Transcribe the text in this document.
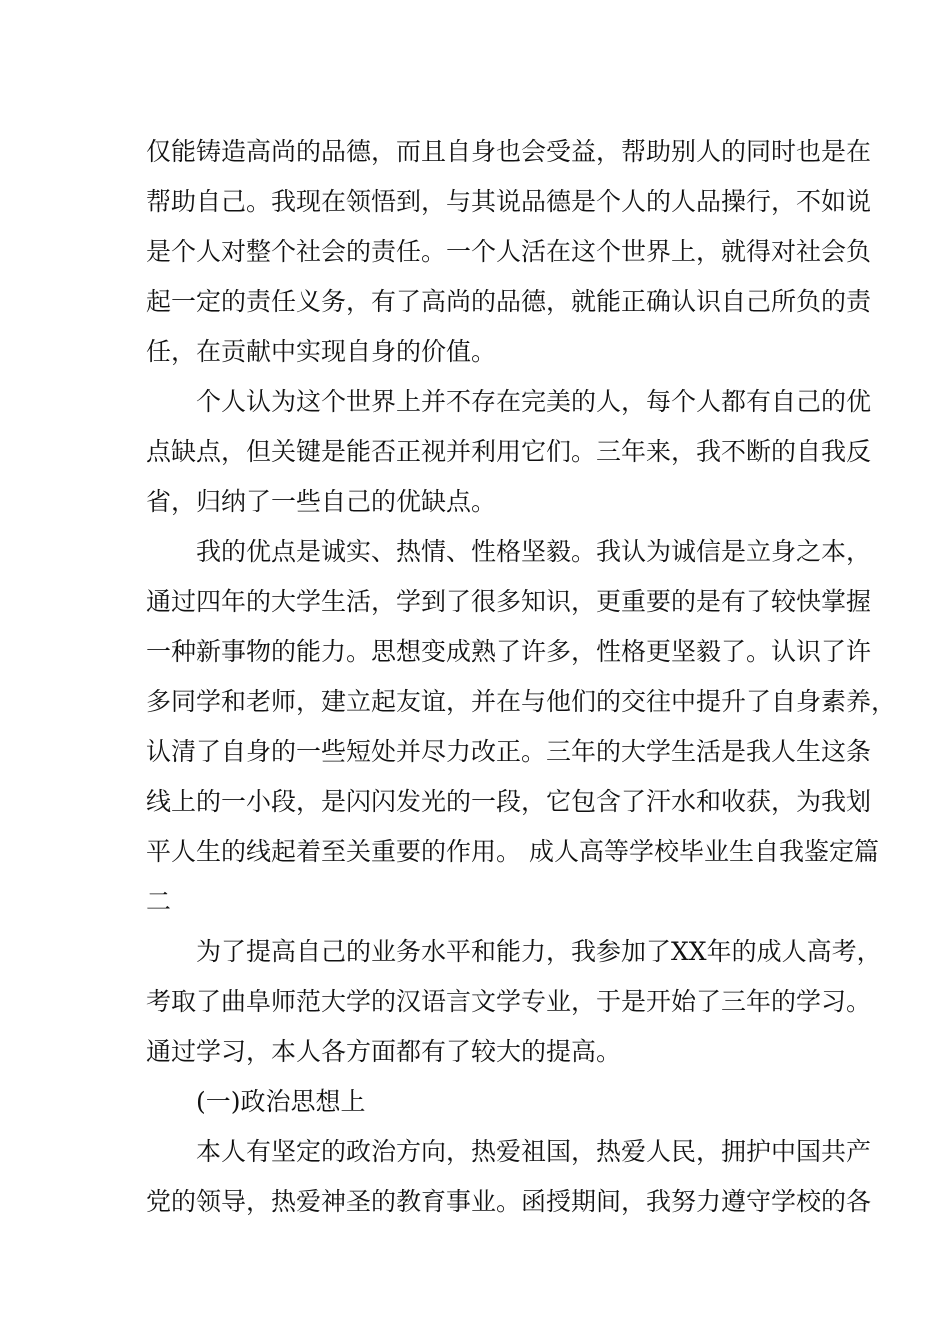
仅能铸造高尚的品德，而且自身也会受益，帮助别人的同时也是在
帮助自己。我现在领悟到，与其说品德是个人的人品操行，不如说
是个人对整个社会的责任。一个人活在这个世界上，就得对社会负
起一定的责任义务，有了高尚的品德，就能正确认识自己所负的责
任，在贡献中实现自身的价值。
　　个人认为这个世界上并不存在完美的人，每个人都有自己的优
点缺点，但关键是能否正视并利用它们。三年来，我不断的自我反
省，归纳了一些自己的优缺点。
　　我的优点是诚实、热情、性格坚毅。我认为诚信是立身之本，
通过四年的大学生活，学到了很多知识，更重要的是有了较快掌握
一种新事物的能力。思想变成熟了许多，性格更坚毅了。认识了许
多同学和老师，建立起友谊，并在与他们的交往中提升了自身素养，
认清了自身的一些短处并尽力改正。三年的大学生活是我人生这条
线上的一小段，是闪闪发光的一段，它包含了汗水和收获，为我划
平人生的线起着至关重要的作用。 成人高等学校毕业生自我鉴定篇
二
　　为了提高自己的业务水平和能力，我参加了XX年的成人高考，
考取了曲阜师范大学的汉语言文学专业，于是开始了三年的学习。
通过学习，本人各方面都有了较大的提高。
　　(一)政治思想上
　　本人有坚定的政治方向，热爱祖国，热爱人民，拥护中国共产
党的领导，热爱神圣的教育事业。函授期间，我努力遵守学校的各
